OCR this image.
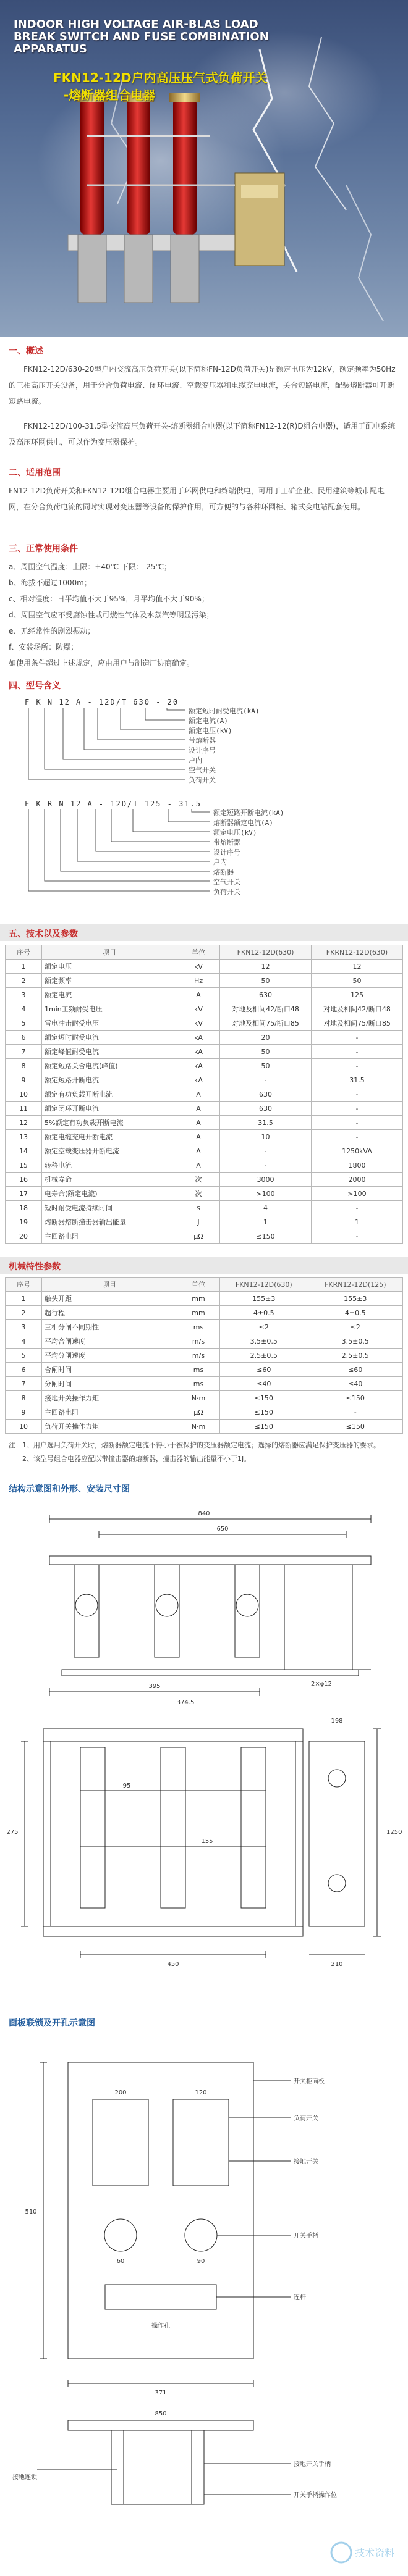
INDOOR HIGH VOLTAGE AIR-BLAS LOAD BREAK SWITCH AND FUSE COMBINATION APPARATUS
FKN12-12D户内高压压气式负荷开关
-熔断器组合电器
一、概述

FKN12-12D/630-20型户内交流高压负荷开关(以下简称FN-12D负荷开关)是额定电压为12kV，额定频率为50Hz的三相高压开关设备，用于分合负荷电流、闭环电流、空载变压器和电缆充电电流，关合短路电流，配装熔断器可开断短路电流。

FKN12-12D/100-31.5型交流高压负荷开关-熔断器组合电器(以下简称FN12-12(R)D组合电器)，适用于配电系统及高压环网供电，可以作为变压器保护。

二、适用范围

FN12-12D负荷开关和FKN12-12D组合电器主要用于环网供电和终端供电，可用于工矿企业、民用建筑等城市配电网，在分合负荷电流的同时实现对变压器等设备的保护作用，可方便的与各种环网柜、箱式变电站配套使用。

三、正常使用条件

a、周围空气温度：上限：+40℃ 下限：-25℃；

b、海拔不超过1000m；

c、相对湿度：日平均值不大于95%，月平均值不大于90%；

d、周围空气应不受腐蚀性或可燃性气体及水蒸汽等明显污染；

e、无经常性的剧烈振动；

f、安装场所：防爆；

如使用条件超过上述规定，应由用户与制造厂协商确定。

四、型号含义
F K N 12 A - 12D/T 630 - 20
额定短时耐受电流(kA)
额定电流(A)
额定电压(kV)
带熔断器
设计序号
户内
空气开关
负荷开关
F K R N 12 A - 12D/T 125 - 31.5
额定短路开断电流(kA)
熔断器额定电流(A)
额定电压(kV)
带熔断器
设计序号
户内
熔断器
空气开关
负荷开关
五、技术以及参数
序号	项目	单位	FKN12-12D(630)	FKRN12-12D(630)
1	额定电压	kV	12	12
2	额定频率	Hz	50	50
3	额定电流	A	630	125
4	1min工频耐受电压	kV	对地及相间42/断口48	对地及相间42/断口48
5	雷电冲击耐受电压	kV	对地及相间75/断口85	对地及相间75/断口85
6	额定短时耐受电流	kA	20	-
7	额定峰值耐受电流	kA	50	-
8	额定短路关合电流(峰值)	kA	50	-
9	额定短路开断电流	kA	-	31.5
10	额定有功负载开断电流	A	630	-
11	额定闭环开断电流	A	630	-
12	5%额定有功负载开断电流	A	31.5	-
13	额定电缆充电开断电流	A	10	-
14	额定空载变压器开断电流	A	-	1250kVA
15	转移电流	A	-	1800
16	机械寿命	次	3000	2000
17	电寿命(额定电流)	次	>100	>100
18	短时耐受电流持续时间	s	4	-
19	熔断器熔断撞击器输出能量	J	1	1
20	主回路电阻	μΩ	≤150	-
机械特性参数
序号	项目	单位	FKN12-12D(630)	FKRN12-12D(125)
1	触头开距	mm	155±3	155±3
2	超行程	mm	4±0.5	4±0.5
3	三相分闸不同期性	ms	≤2	≤2
4	平均合闸速度	m/s	3.5±0.5	3.5±0.5
5	平均分闸速度	m/s	2.5±0.5	2.5±0.5
6	合闸时间	ms	≤60	≤60
7	分闸时间	ms	≤40	≤40
8	接地开关操作力矩	N·m	≤150	≤150
9	主回路电阻	μΩ	≤150	-
10	负荷开关操作力矩	N·m	≤150	≤150
注：1、用户选用负荷开关时，熔断器额定电流不得小于被保护的变压器额定电流；选择的熔断器应满足保护变压器的要求。
2、该型号组合电器应配以带撞击器的熔断器，撞击器的输出能量不小于1J。
结构示意图和外形、安装尺寸图
840
650
395	2×φ12
374.5
1250
275
450	210
198
95
155
面板联锁及开孔示意图
开关柜面板
负荷开关
接地开关
开关手柄
连杆
操作孔
接地开关手柄
开关手柄操作位
接地连锁
371
200
60
120
90
510
850
技术资料
